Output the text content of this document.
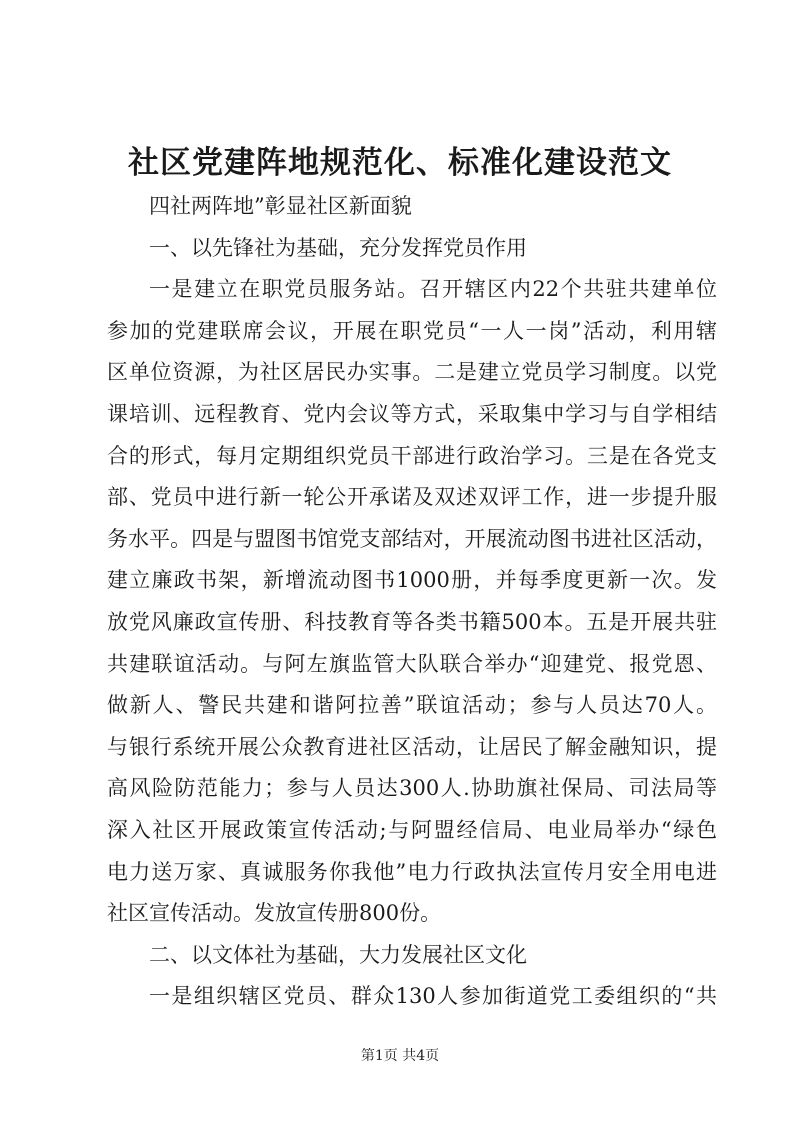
社区党建阵地规范化、标准化建设范文
四社两阵地”彰显社区新面貌
一、以先锋社为基础，充分发挥党员作用
一是建立在职党员服务站。召开辖区内22个共驻共建单位
参加的党建联席会议，开展在职党员“一人一岗”活动，利用辖
区单位资源，为社区居民办实事。二是建立党员学习制度。以党
课培训、远程教育、党内会议等方式，采取集中学习与自学相结
合的形式，每月定期组织党员干部进行政治学习。三是在各党支
部、党员中进行新一轮公开承诺及双述双评工作，进一步提升服
务水平。四是与盟图书馆党支部结对，开展流动图书进社区活动，
建立廉政书架，新增流动图书1000册，并每季度更新一次。发
放党风廉政宣传册、科技教育等各类书籍500本。五是开展共驻
共建联谊活动。与阿左旗监管大队联合举办“迎建党、报党恩、
做新人、警民共建和谐阿拉善”联谊活动；参与人员达70人。
与银行系统开展公众教育进社区活动，让居民了解金融知识，提
高风险防范能力；参与人员达300人.协助旗社保局、司法局等
深入社区开展政策宣传活动;与阿盟经信局、电业局举办“绿色
电力送万家、真诚服务你我他”电力行政执法宣传月安全用电进
社区宣传活动。发放宣传册800份。
二、以文体社为基础，大力发展社区文化
一是组织辖区党员、群众130人参加街道党工委组织的“共
第1页 共4页
